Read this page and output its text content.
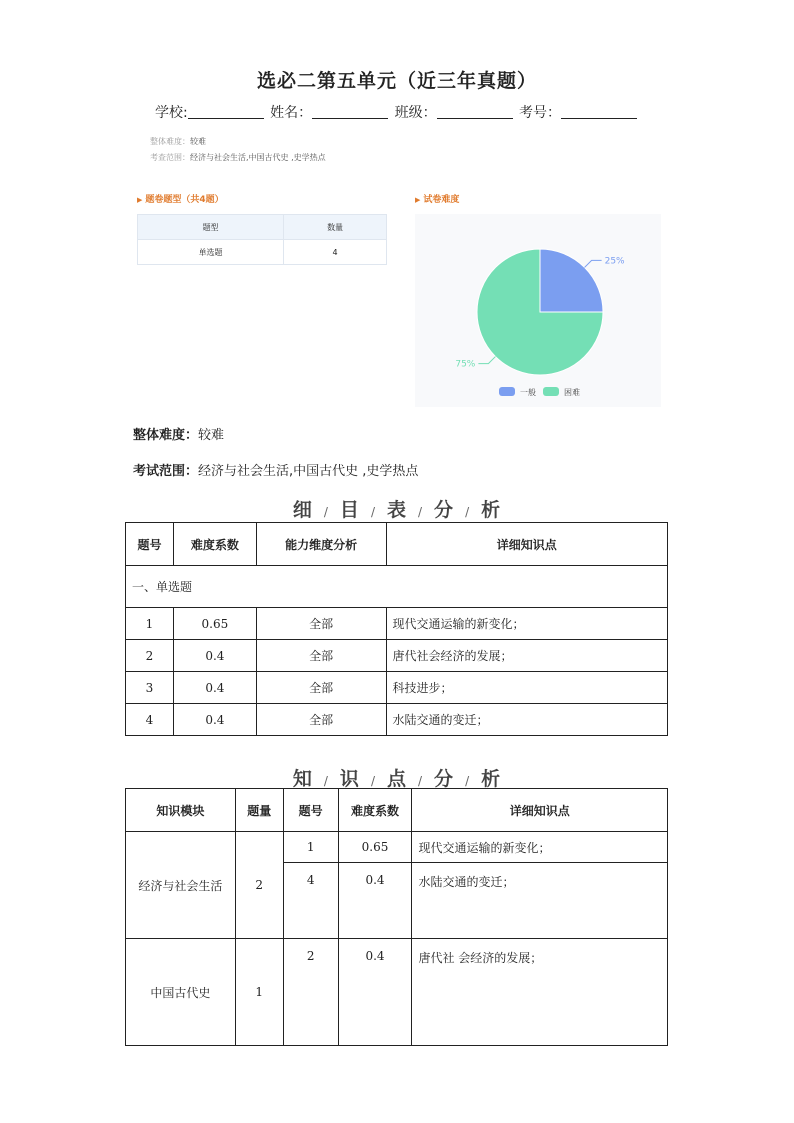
选必二第五单元（近三年真题）
学校:	姓名：	班级：	考号：
整体难度：较难
考查范围：经济与社会生活,中国古代史 ,史学热点
▶ 题卷题型（共4题）
题型	数量
单选题	4
▶ 试卷难度
25%
75%
一般	困难
整体难度：较难
考试范围：经济与社会生活,中国古代史 ,史学热点
细 / 目 / 表 / 分 / 析
题号	难度系数	能力维度分析	详细知识点
一、单选题			
1	0.65	全部	现代交通运输的新变化；
2	0.4	全部	唐代社会经济的发展；
3	0.4	全部	科技进步；
4	0.4	全部	水陆交通的变迁；
知 / 识 / 点 / 分 / 析
知识模块	题量	题号	难度系数	详细知识点
经济与社会生活	2	1	0.65	现代交通运输的新变化；
		4	0.4	水陆交通的变迁；
中国古代史	1	2	0.4	唐代社 会经济的发展；
